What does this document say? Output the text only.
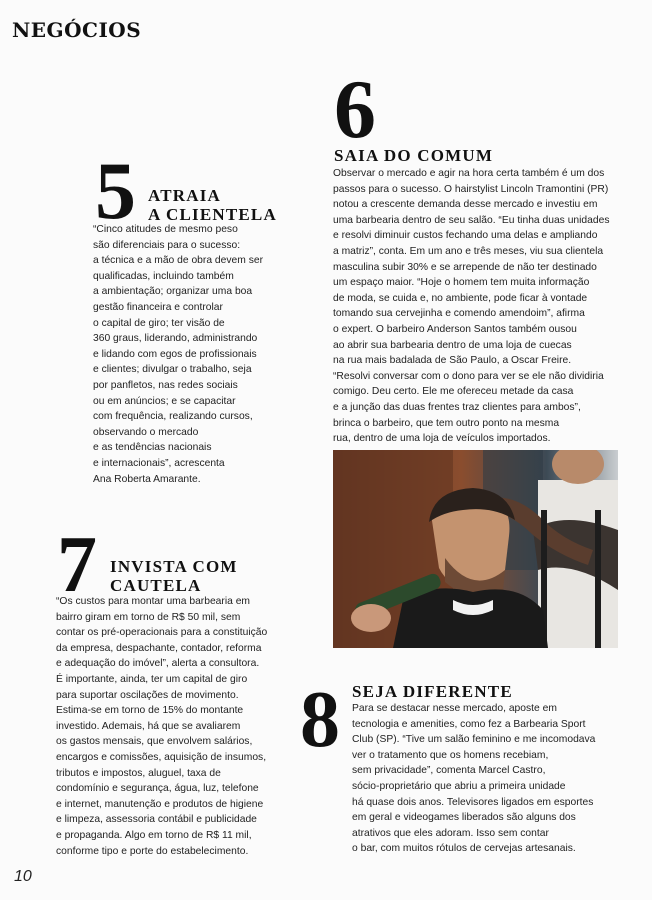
NEGÓCIOS
5 ATRAIA
A CLIENTELA
“Cinco atitudes de mesmo peso
são diferenciais para o sucesso:
a técnica e a mão de obra devem ser
qualificadas, incluindo também
a ambientação; organizar uma boa
gestão financeira e controlar
o capital de giro; ter visão de
360 graus, liderando, administrando
e lidando com egos de profissionais
e clientes; divulgar o trabalho, seja
por panfletos, nas redes sociais
ou em anúncios; e se capacitar
com frequência, realizando cursos,
observando o mercado
e as tendências nacionais
e internacionais”, acrescenta
Ana Roberta Amarante.
6
SAIA DO COMUM
Observar o mercado e agir na hora certa também é um dos
passos para o sucesso. O hairstylist Lincoln Tramontini (PR)
notou a crescente demanda desse mercado e investiu em
uma barbearia dentro de seu salão. “Eu tinha duas unidades
e resolvi diminuir custos fechando uma delas e ampliando
a matriz”, conta. Em um ano e três meses, viu sua clientela
masculina subir 30% e se arrepende de não ter destinado
um espaço maior. “Hoje o homem tem muita informação
de moda, se cuida e, no ambiente, pode ficar à vontade
tomando sua cervejinha e comendo amendoim”, afirma
o expert. O barbeiro Anderson Santos também ousou
ao abrir sua barbearia dentro de uma loja de cuecas
na rua mais badalada de São Paulo, a Oscar Freire.
“Resolvi conversar com o dono para ver se ele não dividiria
comigo. Deu certo. Ele me ofereceu metade da casa
e a junção das duas frentes traz clientes para ambos”,
brinca o barbeiro, que tem outro ponto na mesma
rua, dentro de uma loja de veículos importados.
7 INVISTA COM
CAUTELA
“Os custos para montar uma barbearia em
bairro giram em torno de R$ 50 mil, sem
contar os pré-operacionais para a constituição
da empresa, despachante, contador, reforma
e adequação do imóvel”, alerta a consultora.
É importante, ainda, ter um capital de giro
para suportar oscilações de movimento.
Estima-se em torno de 15% do montante
investido. Ademais, há que se avaliarem
os gastos mensais, que envolvem salários,
encargos e comissões, aquisição de insumos,
tributos e impostos, aluguel, taxa de
condomínio e segurança, água, luz, telefone
e internet, manutenção e produtos de higiene
e limpeza, assessoria contábil e publicidade
e propaganda. Algo em torno de R$ 11 mil,
conforme tipo e porte do estabelecimento.
8 SEJA DIFERENTE
Para se destacar nesse mercado, aposte em
tecnologia e amenities, como fez a Barbearia Sport
Club (SP). “Tive um salão feminino e me incomodava
ver o tratamento que os homens recebiam,
sem privacidade”, comenta Marcel Castro,
sócio-proprietário que abriu a primeira unidade
há quase dois anos. Televisores ligados em esportes
em geral e videogames liberados são alguns dos
atrativos que eles adoram. Isso sem contar
o bar, com muitos rótulos de cervejas artesanais.
10
